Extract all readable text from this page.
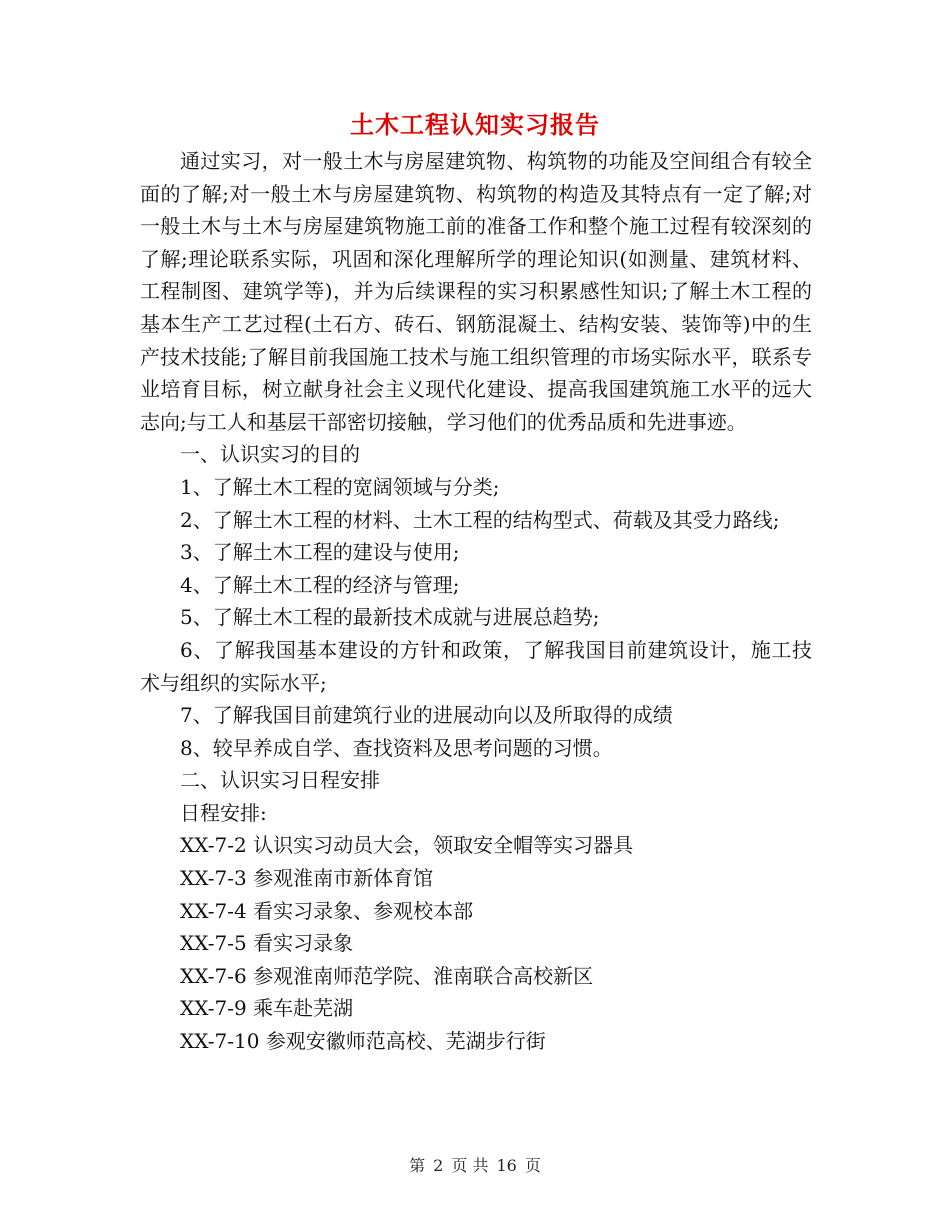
土木工程认知实习报告

通过实习，对一般土木与房屋建筑物、构筑物的功能及空间组合有较全面的了解;对一般土木与房屋建筑物、构筑物的构造及其特点有一定了解;对一般土木与土木与房屋建筑物施工前的准备工作和整个施工过程有较深刻的了解;理论联系实际，巩固和深化理解所学的理论知识(如测量、建筑材料、工程制图、建筑学等)，并为后续课程的实习积累感性知识;了解土木工程的基本生产工艺过程(土石方、砖石、钢筋混凝土、结构安装、装饰等)中的生产技术技能;了解目前我国施工技术与施工组织管理的市场实际水平，联系专业培育目标，树立献身社会主义现代化建设、提高我国建筑施工水平的远大志向;与工人和基层干部密切接触，学习他们的优秀品质和先进事迹。

一、认识实习的目的

1、了解土木工程的宽阔领域与分类;

2、了解土木工程的材料、土木工程的结构型式、荷载及其受力路线;

3、了解土木工程的建设与使用;

4、了解土木工程的经济与管理;

5、了解土木工程的最新技术成就与进展总趋势;

6、了解我国基本建设的方针和政策，了解我国目前建筑设计，施工技术与组织的实际水平;

7、了解我国目前建筑行业的进展动向以及所取得的成绩

8、较早养成自学、查找资料及思考问题的习惯。

二、认识实习日程安排

日程安排:

XX-7-2 认识实习动员大会，领取安全帽等实习器具

XX-7-3 参观淮南市新体育馆

XX-7-4 看实习录象、参观校本部

XX-7-5 看实习录象

XX-7-6 参观淮南师范学院、淮南联合高校新区

XX-7-9 乘车赴芜湖

XX-7-10 参观安徽师范高校、芜湖步行街

第 2 页 共 16 页
